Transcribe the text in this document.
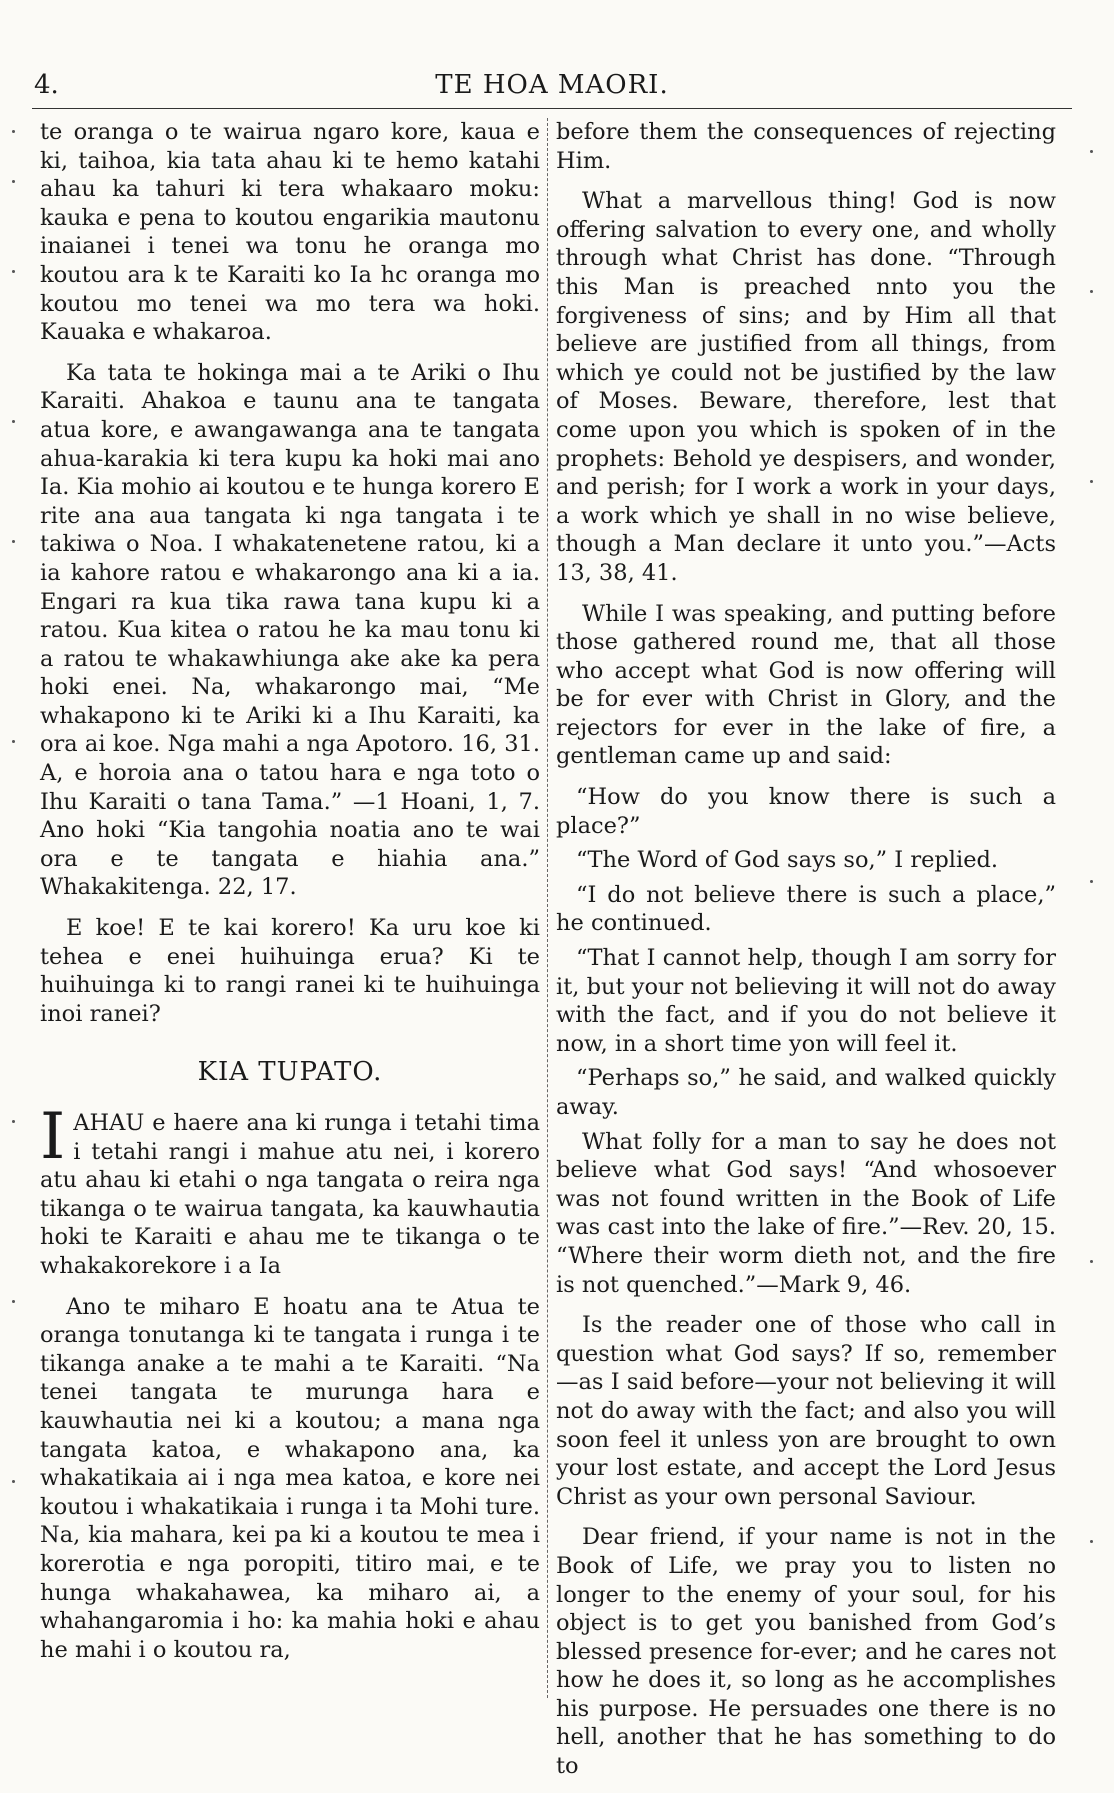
4.	TE HOA MAORI.

te oranga o te wairua ngaro kore, kaua e ki, taihoa, kia tata ahau ki te hemo katahi ahau ka tahuri ki tera whakaaro moku: kauka e pena to koutou engarikia mautonu inaianei i tenei wa tonu he oranga mo koutou ara k te Karaiti ko Ia hc oranga mo koutou mo tenei wa mo tera wa hoki. Kauaka e whakaroa.

Ka tata te hokinga mai a te Ariki o Ihu Karaiti. Ahakoa e taunu ana te tangata atua kore, e awangawanga ana te tangata ahua-karakia ki tera kupu ka hoki mai ano Ia. Kia mohio ai koutou e te hunga korero E rite ana aua tangata ki nga tangata i te takiwa o Noa. I whakatenetene ratou, ki a ia kahore ratou e whakarongo ana ki a ia. Engari ra kua tika rawa tana kupu ki a ratou. Kua kitea o ratou he ka mau tonu ki a ratou te whakawhiunga ake ake ka pera hoki enei. Na, whakarongo mai, “Me whakapono ki te Ariki ki a Ihu Karaiti, ka ora ai koe. Nga mahi a nga Apotoro. 16, 31. A, e horoia ana o tatou hara e nga toto o Ihu Karaiti o tana Tama.” —1 Hoani, 1, 7. Ano hoki “Kia tangohia noatia ano te wai ora e te tangata e hiahia ana.” Whakakitenga. 22, 17.

E koe! E te kai korero! Ka uru koe ki tehea e enei huihuinga erua? Ki te huihuinga ki to rangi ranei ki te huihuinga inoi ranei?

KIA TUPATO.

I AHAU e haere ana ki runga i tetahi tima i tetahi rangi i mahue atu nei, i korero atu ahau ki etahi o nga tangata o reira nga tikanga o te wairua tangata, ka kauwhautia hoki te Karaiti e ahau me te tikanga o te whakakorekore i a Ia

Ano te miharo E hoatu ana te Atua te oranga tonutanga ki te tangata i runga i te tikanga anake a te mahi a te Karaiti. “Na tenei tangata te murunga hara e kauwhautia nei ki a koutou; a mana nga tangata katoa, e whakapono ana, ka whakatikaia ai i nga mea katoa, e kore nei koutou i whakatikaia i runga i ta Mohi ture. Na, kia mahara, kei pa ki a koutou te mea i korerotia e nga poropiti, titiro mai, e te hunga whakahawea, ka miharo ai, a whahangaromia i ho: ka mahia hoki e ahau he mahi i o koutou ra,

before them the consequences of rejecting Him.

What a marvellous thing! God is now offering salvation to every one, and wholly through what Christ has done. “Through this Man is preached nnto you the forgiveness of sins; and by Him all that believe are justified from all things, from which ye could not be justified by the law of Moses. Beware, therefore, lest that come upon you which is spoken of in the prophets: Behold ye despisers, and wonder, and perish; for I work a work in your days, a work which ye shall in no wise believe, though a Man declare it unto you.”—Acts 13, 38, 41.

While I was speaking, and putting before those gathered round me, that all those who accept what God is now offering will be for ever with Christ in Glory, and the rejectors for ever in the lake of fire, a gentleman came up and said:

“How do you know there is such a place?”

“The Word of God says so,” I replied.

“I do not believe there is such a place,” he continued.

“That I cannot help, though I am sorry for it, but your not believing it will not do away with the fact, and if you do not believe it now, in a short time yon will feel it.

“Perhaps so,” he said, and walked quickly away.

What folly for a man to say he does not believe what God says! “And whosoever was not found written in the Book of Life was cast into the lake of fire.”—Rev. 20, 15. “Where their worm dieth not, and the fire is not quenched.”—Mark 9, 46.

Is the reader one of those who call in question what God says? If so, remember —as I said before—your not believing it will not do away with the fact; and also you will soon feel it unless yon are brought to own your lost estate, and accept the Lord Jesus Christ as your own personal Saviour.

Dear friend, if your name is not in the Book of Life, we pray you to listen no longer to the enemy of your soul, for his object is to get you banished from God’s blessed presence for-ever; and he cares not how he does it, so long as he accomplishes his purpose. He persuades one there is no hell, another that he has something to do to
